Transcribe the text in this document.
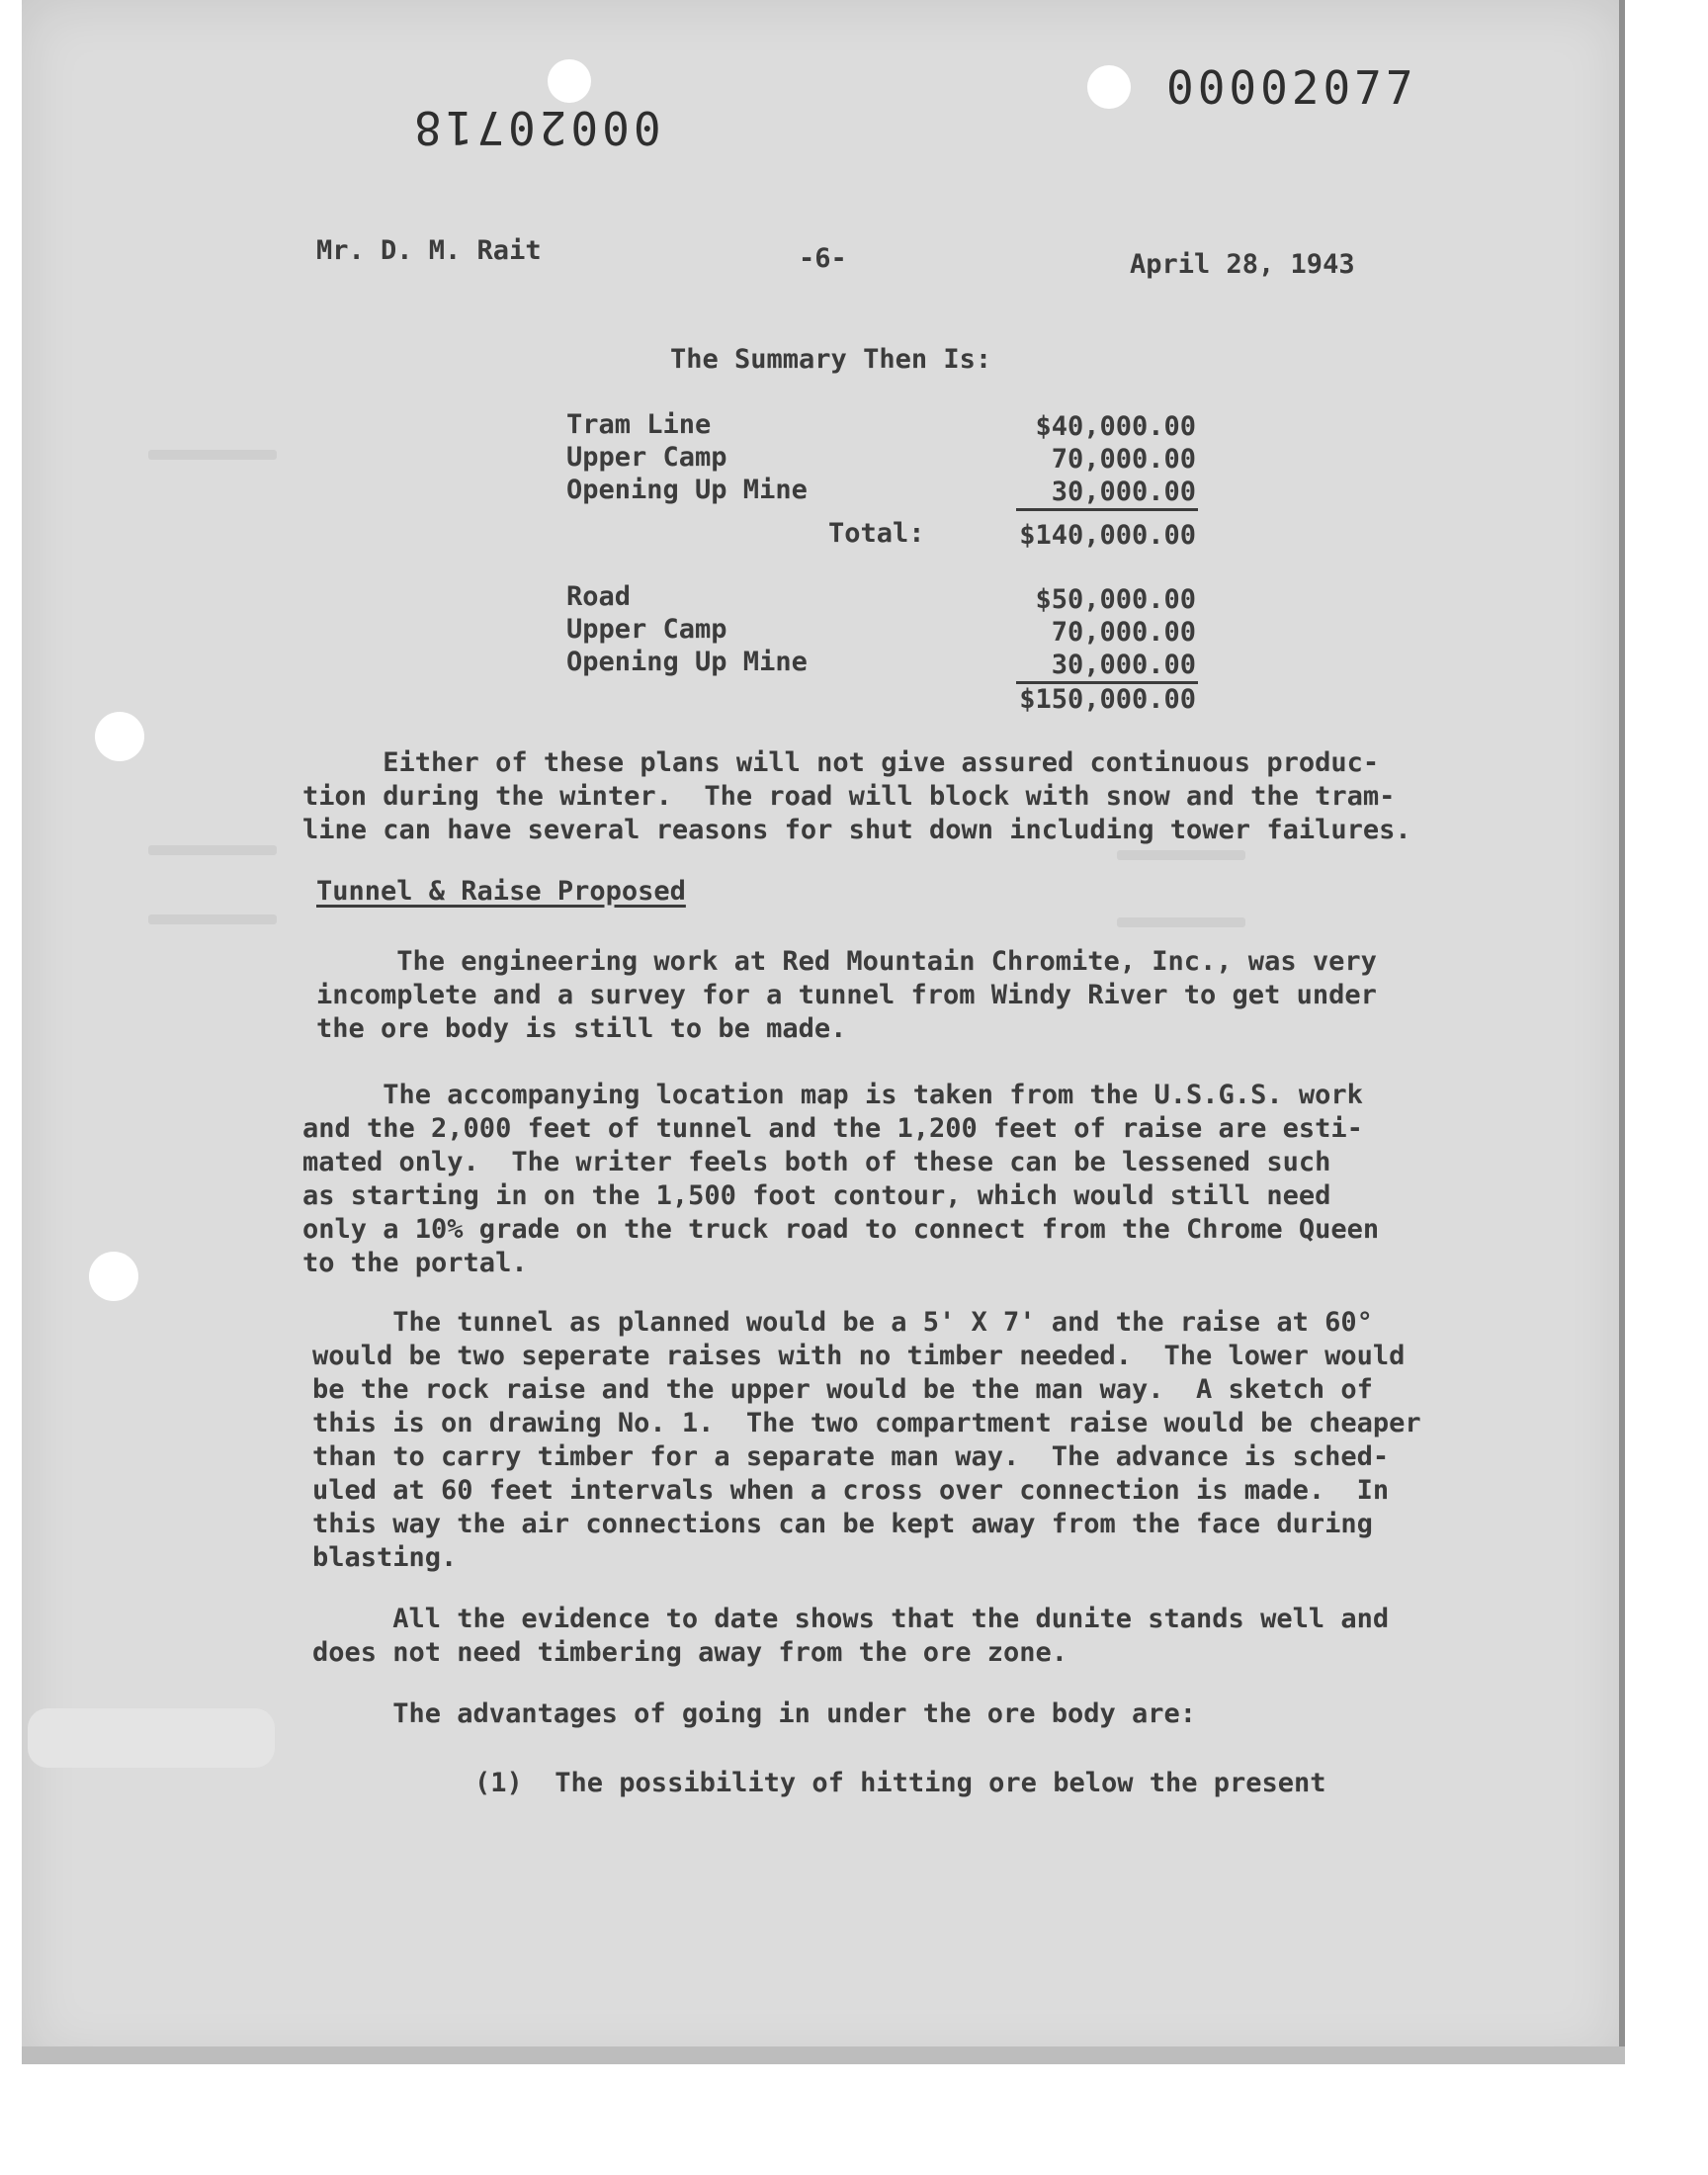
00020718
00002077
Mr. D. M. Rait	-6-	April 28, 1943
The Summary Then Is:
Tram Line	$40,000.00
Upper Camp	70,000.00
Opening Up Mine	30,000.00
Total:	$140,000.00
Road	$50,000.00
Upper Camp	70,000.00
Opening Up Mine	30,000.00
$150,000.00
Either of these plans will not give assured continuous produc-
tion during the winter.  The road will block with snow and the tram-
line can have several reasons for shut down including tower failures.
Tunnel & Raise Proposed
The engineering work at Red Mountain Chromite, Inc., was very
incomplete and a survey for a tunnel from Windy River to get under
the ore body is still to be made.
The accompanying location map is taken from the U.S.G.S. work
and the 2,000 feet of tunnel and the 1,200 feet of raise are esti-
mated only.  The writer feels both of these can be lessened such
as starting in on the 1,500 foot contour, which would still need
only a 10% grade on the truck road to connect from the Chrome Queen
to the portal.
The tunnel as planned would be a 5' X 7' and the raise at 60°
would be two seperate raises with no timber needed.  The lower would
be the rock raise and the upper would be the man way.  A sketch of
this is on drawing No. 1.  The two compartment raise would be cheaper
than to carry timber for a separate man way.  The advance is sched-
uled at 60 feet intervals when a cross over connection is made.  In
this way the air connections can be kept away from the face during
blasting.
All the evidence to date shows that the dunite stands well and
does not need timbering away from the ore zone.
The advantages of going in under the ore body are:
(1)  The possibility of hitting ore below the present
